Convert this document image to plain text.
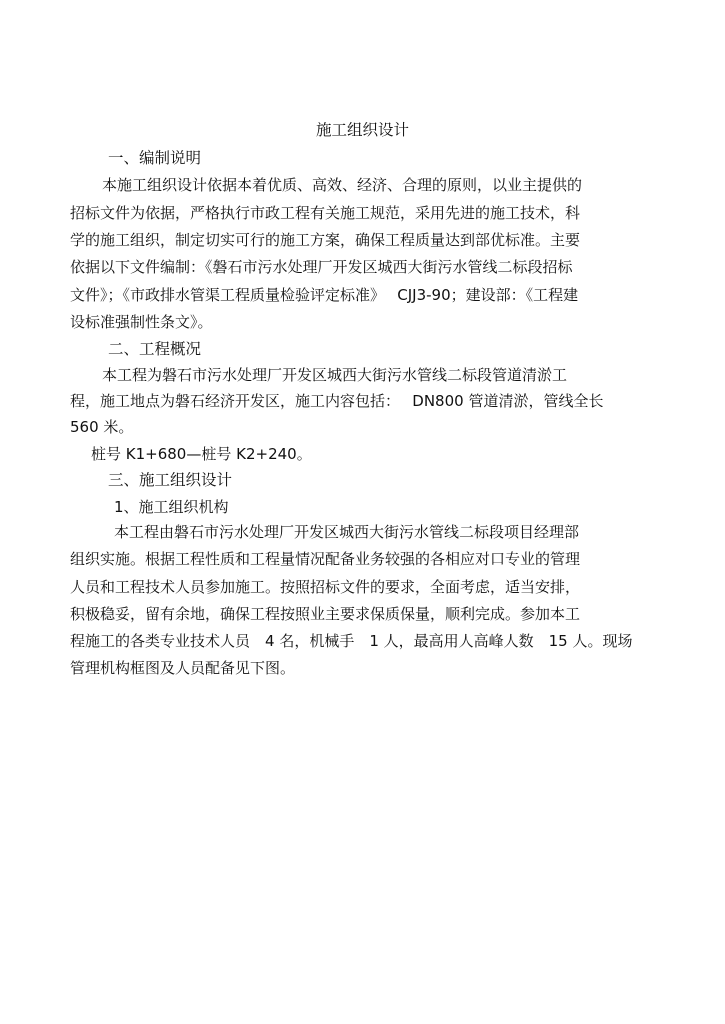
施工组织设计

一、编制说明

本施工组织设计依据本着优质、高效、经济、合理的原则，以业主提供的

招标文件为依据，严格执行市政工程有关施工规范，采用先进的施工技术，科

学的施工组织，制定切实可行的施工方案，确保工程质量达到部优标准。主要

依据以下文件编制：《磐石市污水处理厂开发区城西大街污水管线二标段招标

文件》；《市政排水管渠工程质量检验评定标准》　 CJJ3-90；建设部：《工程建

设标准强制性条文》。

二、工程概况

本工程为磐石市污水处理厂开发区城西大街污水管线二标段管道清淤工

程，施工地点为磐石经济开发区，施工内容包括：　 DN800 管道清淤，管线全长

560 米。

桩号 K1+680—桩号 K2+240。

三、施工组织设计

1、施工组织机构

本工程由磐石市污水处理厂开发区城西大街污水管线二标段项目经理部

组织实施。根据工程性质和工程量情况配备业务较强的各相应对口专业的管理

人员和工程技术人员参加施工。按照招标文件的要求，全面考虑，适当安排，

积极稳妥，留有余地，确保工程按照业主要求保质保量，顺利完成。参加本工

程施工的各类专业技术人员　4 名，机械手　1 人，最高用人高峰人数　15 人。现场

管理机构框图及人员配备见下图。
